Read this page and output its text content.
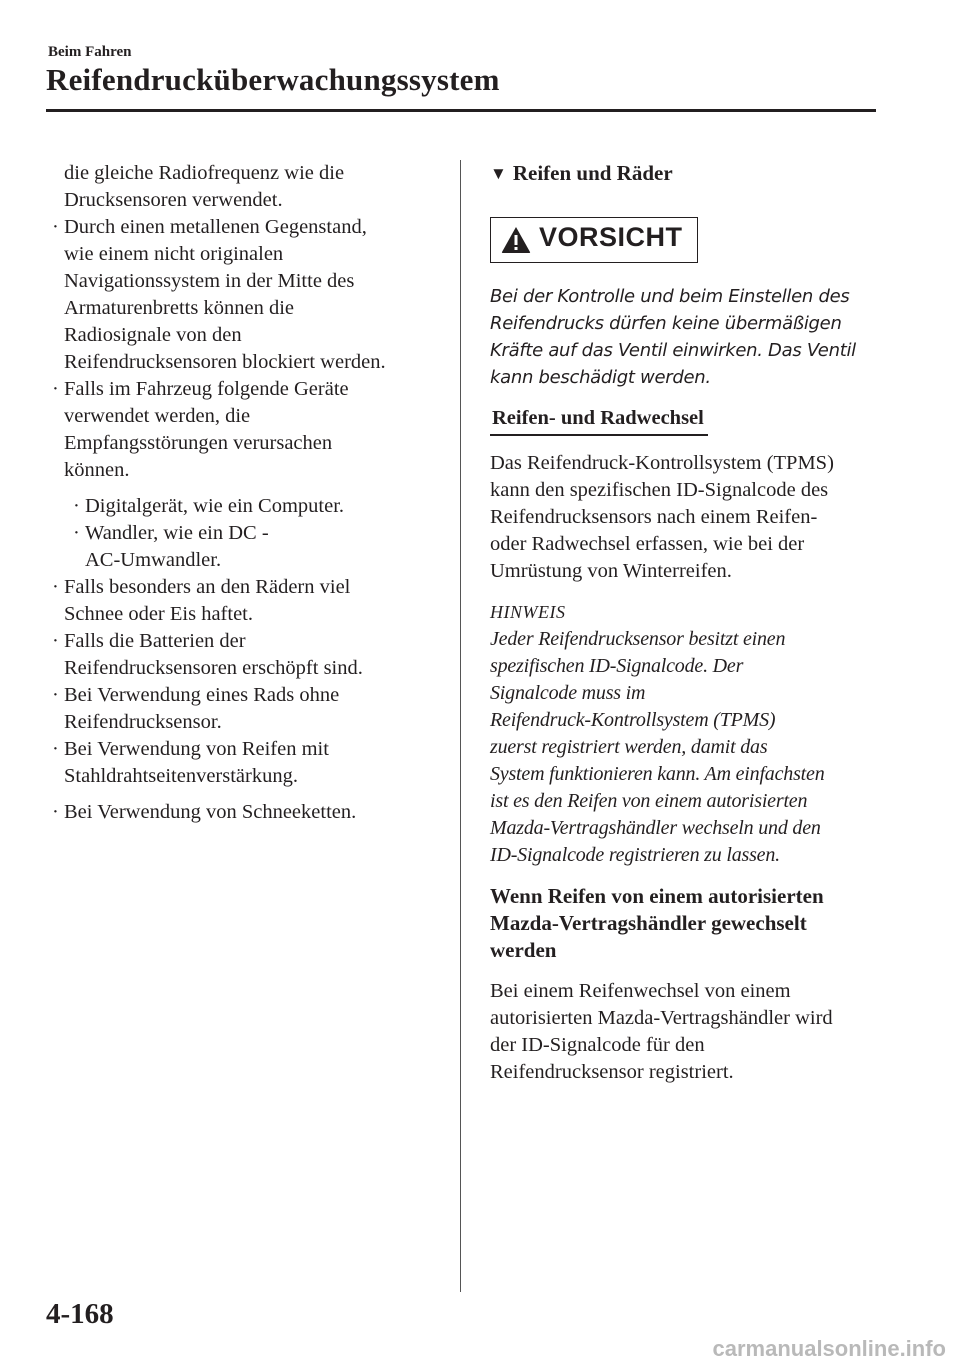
Beim Fahren
Reifendrucküberwachungssystem
die gleiche Radiofrequenz wie die
Drucksensoren verwendet.
· Durch einen metallenen Gegenstand,
wie einem nicht originalen
Navigationssystem in der Mitte des
Armaturenbretts können die
Radiosignale von den
Reifendrucksensoren blockiert werden.
· Falls im Fahrzeug folgende Geräte
verwendet werden, die
Empfangsstörungen verursachen
können.
· Digitalgerät, wie ein Computer.
· Wandler, wie ein DC -
AC-Umwandler.
· Falls besonders an den Rädern viel
Schnee oder Eis haftet.
· Falls die Batterien der
Reifendrucksensoren erschöpft sind.
· Bei Verwendung eines Rads ohne
Reifendrucksensor.
· Bei Verwendung von Reifen mit
Stahldrahtseitenverstärkung.
· Bei Verwendung von Schneeketten.
▼ Reifen und Räder
VORSICHT
Bei der Kontrolle und beim Einstellen des
Reifendrucks dürfen keine übermäßigen
Kräfte auf das Ventil einwirken. Das Ventil
kann beschädigt werden.
Reifen- und Radwechsel
Das Reifendruck-Kontrollsystem (TPMS)
kann den spezifischen ID-Signalcode des
Reifendrucksensors nach einem Reifen-
oder Radwechsel erfassen, wie bei der
Umrüstung von Winterreifen.
HINWEIS
Jeder Reifendrucksensor besitzt einen
spezifischen ID-Signalcode. Der
Signalcode muss im
Reifendruck-Kontrollsystem (TPMS)
zuerst registriert werden, damit das
System funktionieren kann. Am einfachsten
ist es den Reifen von einem autorisierten
Mazda-Vertragshändler wechseln und den
ID-Signalcode registrieren zu lassen.
Wenn Reifen von einem autorisierten
Mazda-Vertragshändler gewechselt
werden
Bei einem Reifenwechsel von einem
autorisierten Mazda-Vertragshändler wird
der ID-Signalcode für den
Reifendrucksensor registriert.
4-168
carmanualsonline.info
